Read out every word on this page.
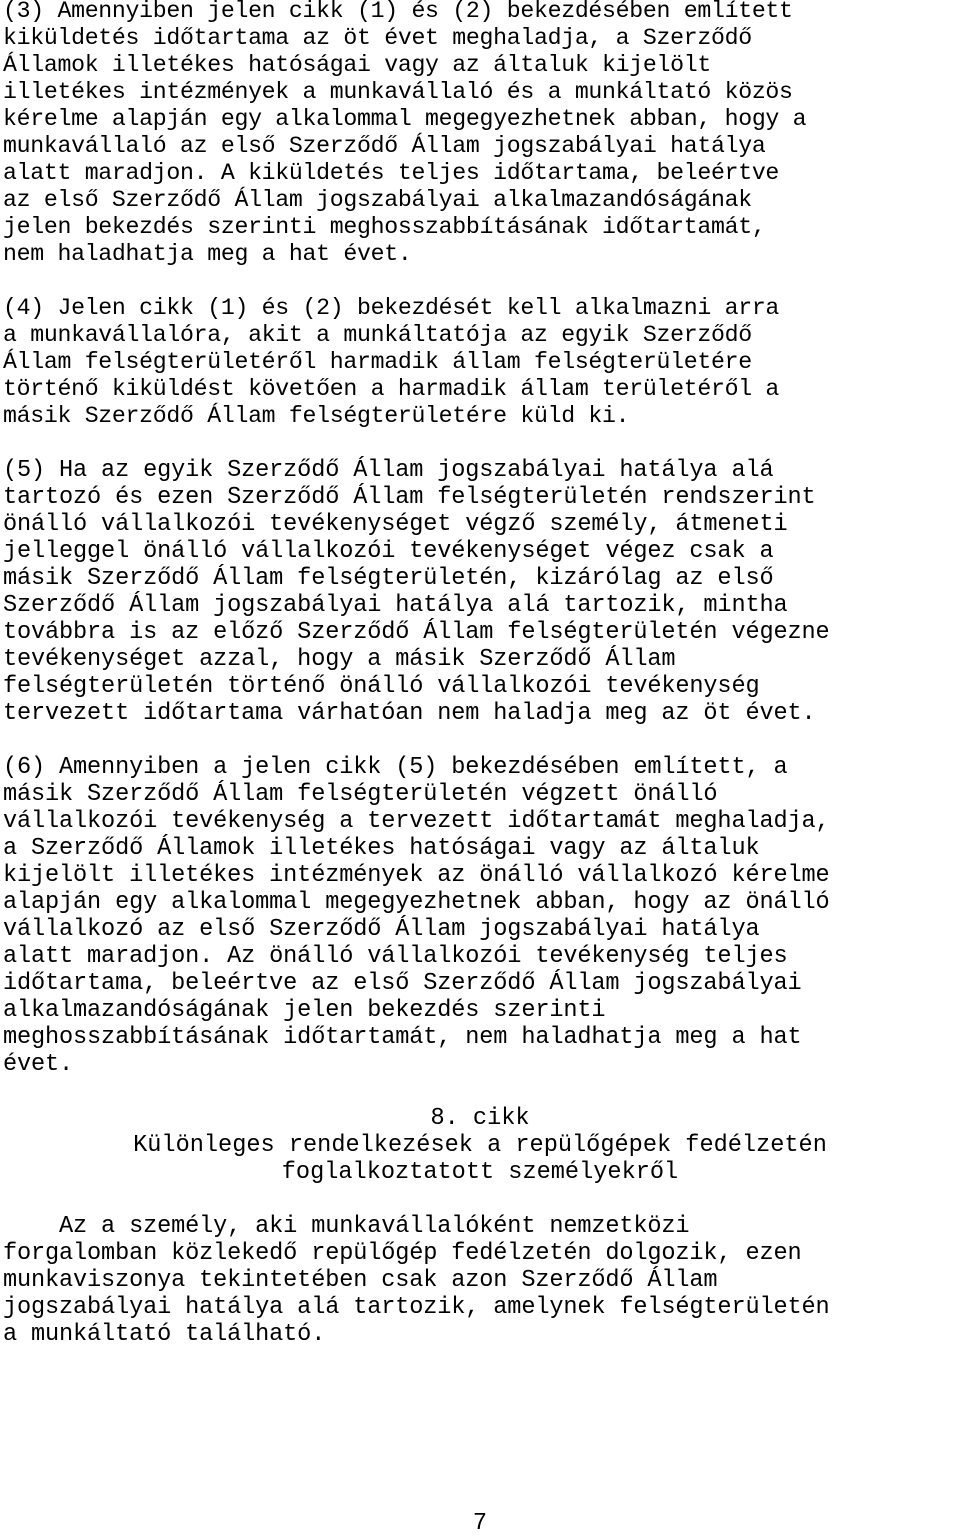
(3) Amennyiben jelen cikk (1) és (2) bekezdésében említett

kiküldetés időtartama az öt évet meghaladja, a Szerződő

Államok illetékes hatóságai vagy az általuk kijelölt

illetékes intézmények a munkavállaló és a munkáltató közös

kérelme alapján egy alkalommal megegyezhetnek abban, hogy a

munkavállaló az első Szerződő Állam jogszabályai hatálya

alatt maradjon. A kiküldetés teljes időtartama, beleértve

az első Szerződő Állam jogszabályai alkalmazandóságának

jelen bekezdés szerinti meghosszabbításának időtartamát,

nem haladhatja meg a hat évet.

(4) Jelen cikk (1) és (2) bekezdését kell alkalmazni arra

a munkavállalóra, akit a munkáltatója az egyik Szerződő

Állam felségterületéről harmadik állam felségterületére

történő kiküldést követően a harmadik állam területéről a

másik Szerződő Állam felségterületére küld ki.

(5) Ha az egyik Szerződő Állam jogszabályai hatálya alá

tartozó és ezen Szerződő Állam felségterületén rendszerint

önálló vállalkozói tevékenységet végző személy, átmeneti

jelleggel önálló vállalkozói tevékenységet végez csak a

másik Szerződő Állam felségterületén, kizárólag az első

Szerződő Állam jogszabályai hatálya alá tartozik, mintha

továbbra is az előző Szerződő Állam felségterületén végezne

tevékenységet azzal, hogy a másik Szerződő Állam

felségterületén történő önálló vállalkozói tevékenység

tervezett időtartama várhatóan nem haladja meg az öt évet.

(6) Amennyiben a jelen cikk (5) bekezdésében említett, a

másik Szerződő Állam felségterületén végzett önálló

vállalkozói tevékenység a tervezett időtartamát meghaladja,

a Szerződő Államok illetékes hatóságai vagy az általuk

kijelölt illetékes intézmények az önálló vállalkozó kérelme

alapján egy alkalommal megegyezhetnek abban, hogy az önálló

vállalkozó az első Szerződő Állam jogszabályai hatálya

alatt maradjon. Az önálló vállalkozói tevékenység teljes

időtartama, beleértve az első Szerződő Állam jogszabályai

alkalmazandóságának jelen bekezdés szerinti

meghosszabbításának időtartamát, nem haladhatja meg a hat

évet.

8. cikk

Különleges rendelkezések a repülőgépek fedélzetén

foglalkoztatott személyekről

Az a személy, aki munkavállalóként nemzetközi

forgalomban közlekedő repülőgép fedélzetén dolgozik, ezen

munkaviszonya tekintetében csak azon Szerződő Állam

jogszabályai hatálya alá tartozik, amelynek felségterületén

a munkáltató található.

7
